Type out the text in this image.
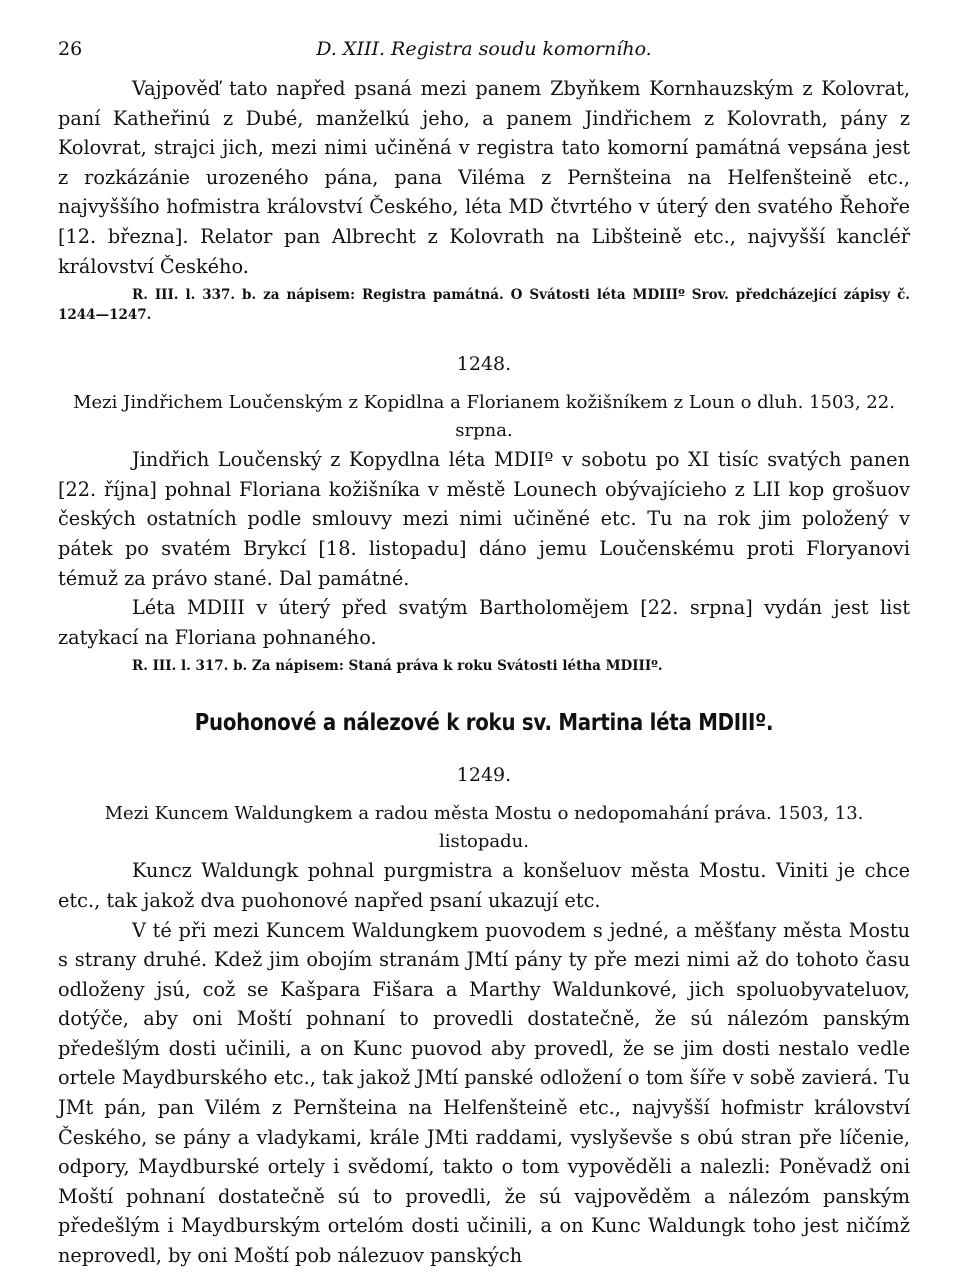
26	D. XIII. Registra soudu komorního.

Vajpověď tato napřed psaná mezi panem Zbyňkem Kornhauzským z Kolovrat, paní Katheřinú z Dubé, manželkú jeho, a panem Jindřichem z Kolovrath, pány z Kolovrat, strajci jich, mezi nimi učiněná v registra tato komorní památná vepsána jest z rozkázánie urozeného pána, pana Viléma z Pernšteina na Helfenšteině etc., najvyššího hofmistra království Českého, léta MD čtvrtého v úterý den svatého Řehoře [12. března]. Relator pan Albrecht z Kolovrath na Libšteině etc., najvyšší kancléř království Českého.

R. III. l. 337. b. za nápisem: Registra památná. O Svátosti léta MDIIIº Srov. předcházející zápisy č. 1244—1247.

1248.

Mezi Jindřichem Loučenským z Kopidlna a Florianem kožišníkem z Loun o dluh. 1503, 22. srpna.

Jindřich Loučenský z Kopydlna léta MDIIº v sobotu po XI tisíc svatých panen [22. října] pohnal Floriana kožišníka v městě Lounech obývajícieho z LII kop grošuov českých ostatních podle smlouvy mezi nimi učiněné etc. Tu na rok jim položený v pátek po svatém Brykcí [18. listopadu] dáno jemu Loučenskému proti Floryanovi témuž za právo stané. Dal památné.

Léta MDIII v úterý před svatým Bartholomějem [22. srpna] vydán jest list zatykací na Floriana pohnaného.

R. III. l. 317. b. Za nápisem: Staná práva k roku Svátosti létha MDIIIº.

Puohonové a nálezové k roku sv. Martina léta MDIIIº.
1249.

Mezi Kuncem Waldungkem a radou města Mostu o nedopomahání práva. 1503, 13. listopadu.

Kuncz Waldungk pohnal purgmistra a konšeluov města Mostu. Viniti je chce etc., tak jakož dva puohonové napřed psaní ukazují etc.

V té při mezi Kuncem Waldungkem puovodem s jedné, a měšťany města Mostu s strany druhé. Kdež jim obojím stranám JMtí pány ty pře mezi nimi až do tohoto času odloženy jsú, což se Kašpara Fišara a Marthy Waldunkové, jich spoluobyvateluov, dotýče, aby oni Moští pohnaní to provedli dostatečně, že sú nálezóm panským předešlým dosti učinili, a on Kunc puovod aby provedl, že se jim dosti nestalo vedle ortele Maydburského etc., tak jakož JMtí panské odložení o tom šíře v sobě zavierá. Tu JMt pán, pan Vilém z Pernšteina na Helfenšteině etc., najvyšší hofmistr království Českého, se pány a vladykami, krále JMti raddami, vyslyševše s obú stran pře líčenie, odpory, Maydburské ortely i svědomí, takto o tom vypověděli a nalezli: Poněvadž oni Moští pohnaní dostatečně sú to provedli, že sú vajpověděm a nálezóm panským předešlým i Maydburským ortelóm dosti učinili, a on Kunc Waldungk toho jest ničímž neprovedl, by oni Moští pob nálezuov panských
